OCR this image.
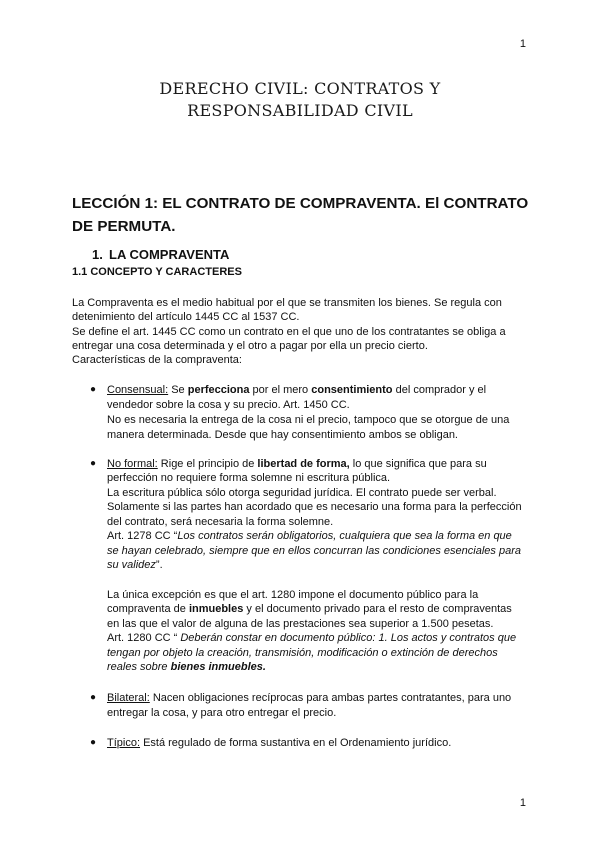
1
DERECHO CIVIL: CONTRATOS Y
RESPONSABILIDAD CIVIL
LECCIÓN 1: EL CONTRATO DE COMPRAVENTA. El CONTRATO
DE PERMUTA.
1. LA COMPRAVENTA
1.1 CONCEPTO Y CARACTERES
La Compraventa es el medio habitual por el que se transmiten los bienes. Se regula con
detenimiento del artículo 1445 CC al 1537 CC.
Se define el art. 1445 CC como un contrato en el que uno de los contratantes se obliga a
entregar una cosa determinada y el otro a pagar por ella un precio cierto.
Características de la compraventa:
● Consensual: Se perfecciona por el mero consentimiento del comprador y el
vendedor sobre la cosa y su precio. Art. 1450 CC.
No es necesaria la entrega de la cosa ni el precio, tampoco que se otorgue de una
manera determinada. Desde que hay consentimiento ambos se obligan.
● No formal: Rige el principio de libertad de forma, lo que significa que para su
perfección no requiere forma solemne ni escritura pública.
La escritura pública sólo otorga seguridad jurídica. El contrato puede ser verbal.
Solamente si las partes han acordado que es necesario una forma para la perfección
del contrato, será necesaria la forma solemne.
Art. 1278 CC “Los contratos serán obligatorios, cualquiera que sea la forma en que
se hayan celebrado, siempre que en ellos concurran las condiciones esenciales para
su validez”.
La única excepción es que el art. 1280 impone el documento público para la
compraventa de inmuebles y el documento privado para el resto de compraventas
en las que el valor de alguna de las prestaciones sea superior a 1.500 pesetas.
Art. 1280 CC “ Deberán constar en documento público: 1. Los actos y contratos que
tengan por objeto la creación, transmisión, modificación o extinción de derechos
reales sobre bienes inmuebles.
● Bilateral: Nacen obligaciones recíprocas para ambas partes contratantes, para uno
entregar la cosa, y para otro entregar el precio.
● Típico: Está regulado de forma sustantiva en el Ordenamiento jurídico.
1
